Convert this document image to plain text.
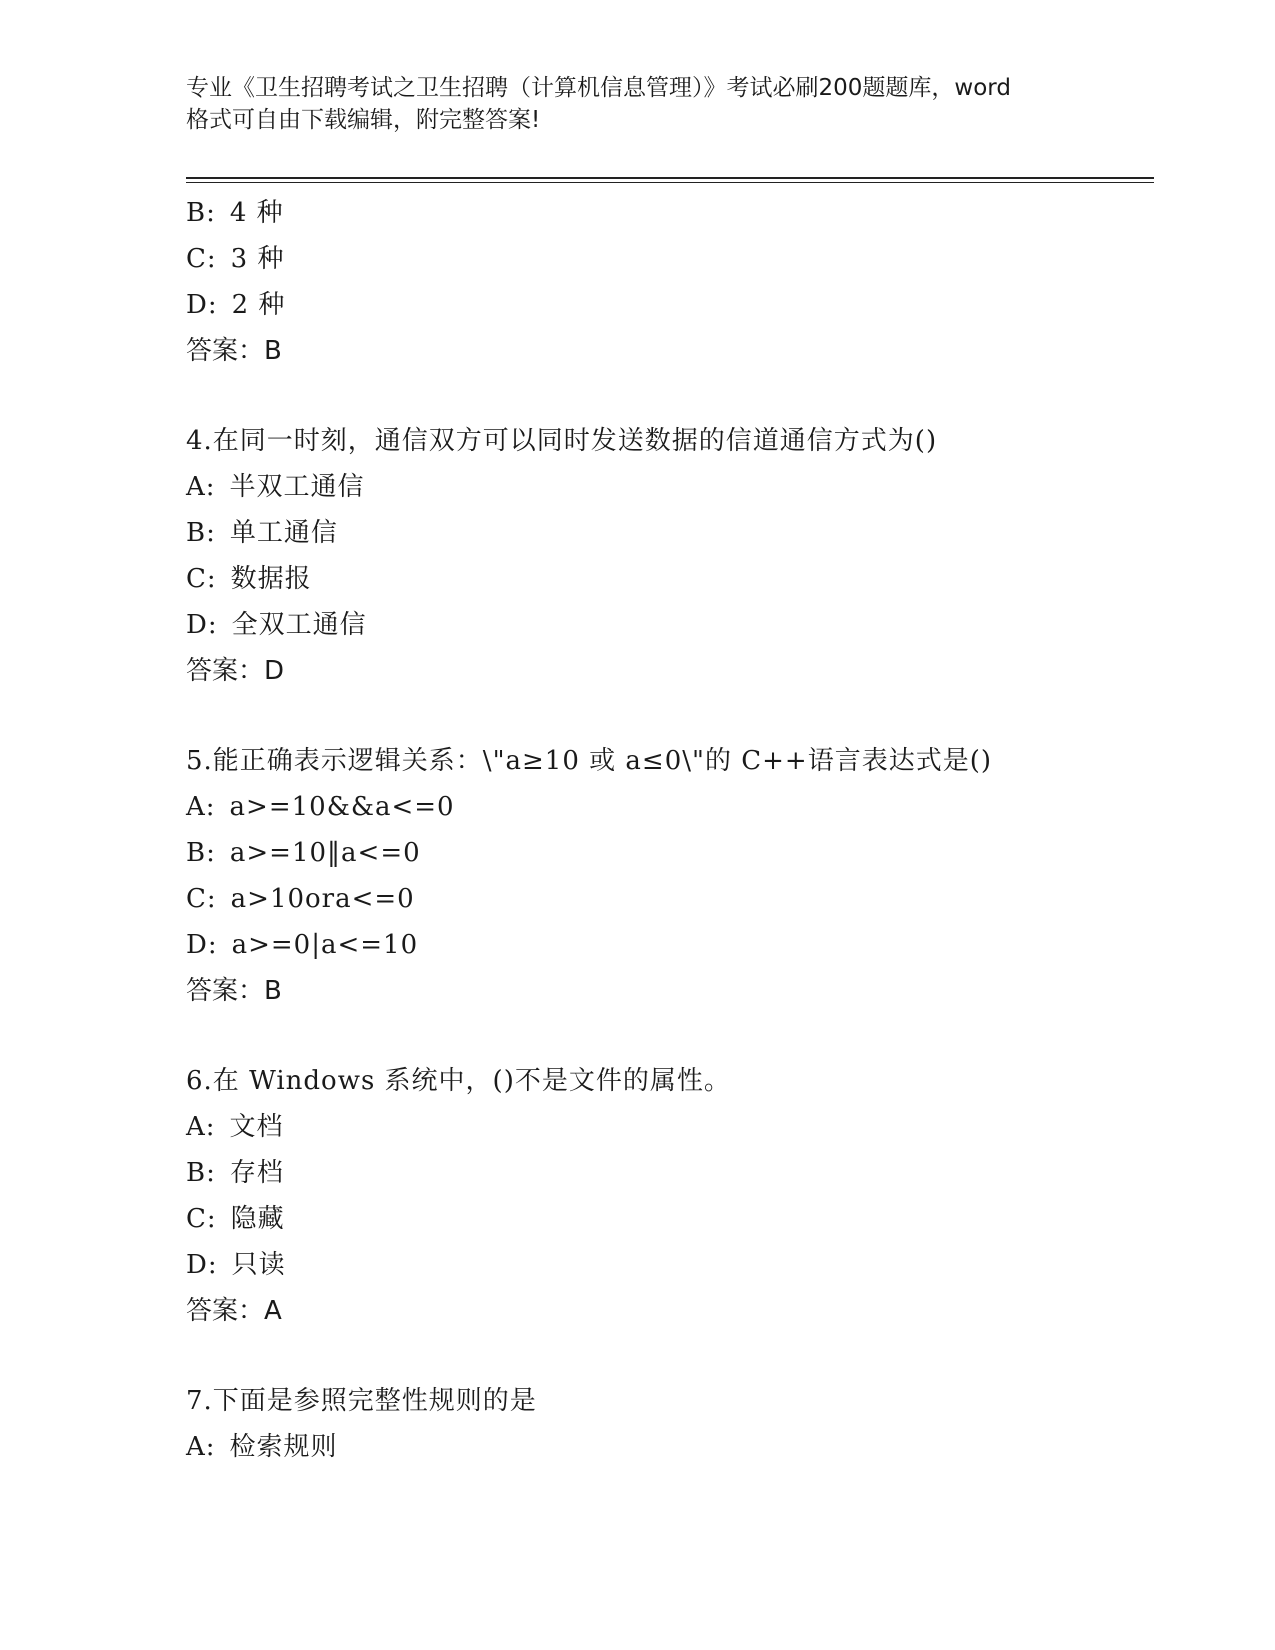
专业《卫生招聘考试之卫生招聘（计算机信息管理）》考试必刷200题题库，word
格式可自由下载编辑，附完整答案!
B: 4 种
C: 3 种
D: 2 种
答案：B
4.在同一时刻，通信双方可以同时发送数据的信道通信方式为()
A: 半双工通信
B: 单工通信
C: 数据报
D: 全双工通信
答案：D
5.能正确表示逻辑关系：\"a≥10 或 a≤0\"的 C++语言表达式是()
A: a>=10&&a<=0
B: a>=10‖a<=0
C: a>10ora<=0
D: a>=0|a<=10
答案：B
6.在 Windows 系统中，()不是文件的属性。
A: 文档
B: 存档
C: 隐藏
D: 只读
答案：A
7.下面是参照完整性规则的是
A: 检索规则
